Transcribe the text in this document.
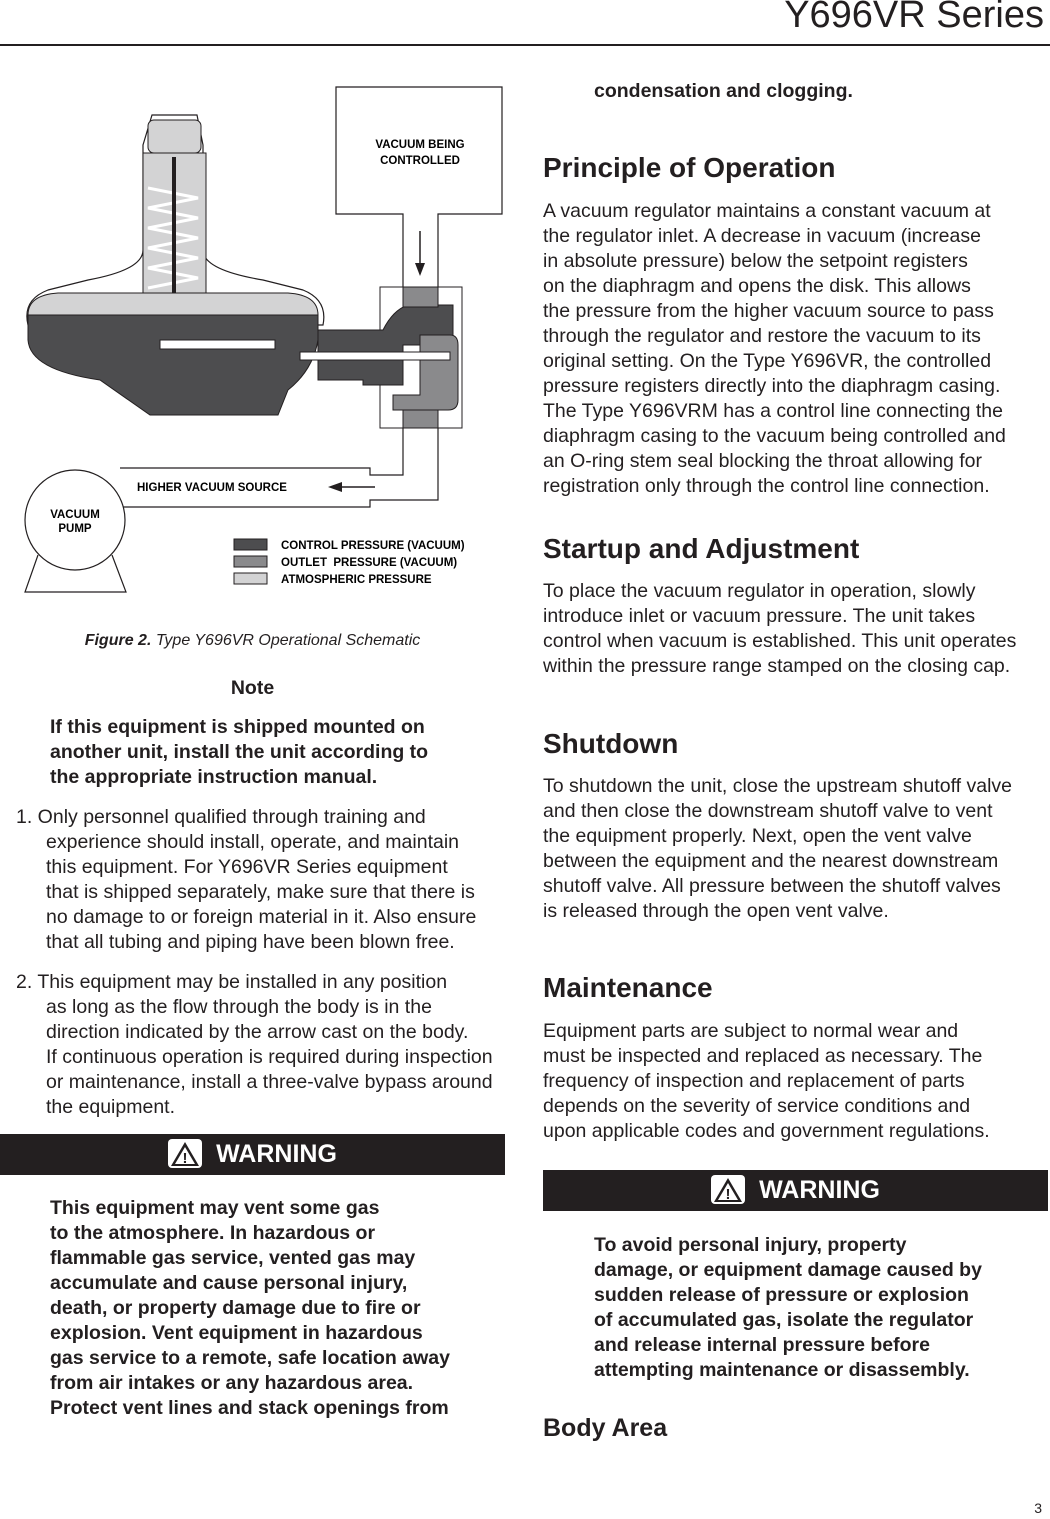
Y696VR Series
VACUUM BEING
CONTROLLED
HIGHER VACUUM SOURCE
VACUUM
PUMP
CONTROL PRESSURE (VACUUM)
OUTLET  PRESSURE (VACUUM)
ATMOSPHERIC PRESSURE
Figure 2. Type Y696VR Operational Schematic
Note
If this equipment is shipped mounted on
another unit, install the unit according to
the appropriate instruction manual.
1. Only personnel qualified through training and
experience should install, operate, and maintain
this equipment. For Y696VR Series equipment
that is shipped separately, make sure that there is
no damage to or foreign material in it. Also ensure
that all tubing and piping have been blown free.
2. This equipment may be installed in any position
as long as the flow through the body is in the
direction indicated by the arrow cast on the body.
If continuous operation is required during inspection
or maintenance, install a three-valve bypass around
the equipment.
! WARNING
This equipment may vent some gas
to the atmosphere. In hazardous or
flammable gas service, vented gas may
accumulate and cause personal injury,
death, or property damage due to fire or
explosion. Vent equipment in hazardous
gas service to a remote, safe location away
from air intakes or any hazardous area.
Protect vent lines and stack openings from
condensation and clogging.
Principle of Operation
A vacuum regulator maintains a constant vacuum at
the regulator inlet. A decrease in vacuum (increase
in absolute pressure) below the setpoint registers
on the diaphragm and opens the disk. This allows
the pressure from the higher vacuum source to pass
through the regulator and restore the vacuum to its
original setting. On the Type Y696VR, the controlled
pressure registers directly into the diaphragm casing.
The Type Y696VRM has a control line connecting the
diaphragm casing to the vacuum being controlled and
an O-ring stem seal blocking the throat allowing for
registration only through the control line connection.
Startup and Adjustment
To place the vacuum regulator in operation, slowly
introduce inlet or vacuum pressure. The unit takes
control when vacuum is established. This unit operates
within the pressure range stamped on the closing cap.
Shutdown
To shutdown the unit, close the upstream shutoff valve
and then close the downstream shutoff valve to vent
the equipment properly. Next, open the vent valve
between the equipment and the nearest downstream
shutoff valve. All pressure between the shutoff valves
is released through the open vent valve.
Maintenance
Equipment parts are subject to normal wear and
must be inspected and replaced as necessary. The
frequency of inspection and replacement of parts
depends on the severity of service conditions and
upon applicable codes and government regulations.
! WARNING
To avoid personal injury, property
damage, or equipment damage caused by
sudden release of pressure or explosion
of accumulated gas, isolate the regulator
and release internal pressure before
attempting maintenance or disassembly.
Body Area
3
